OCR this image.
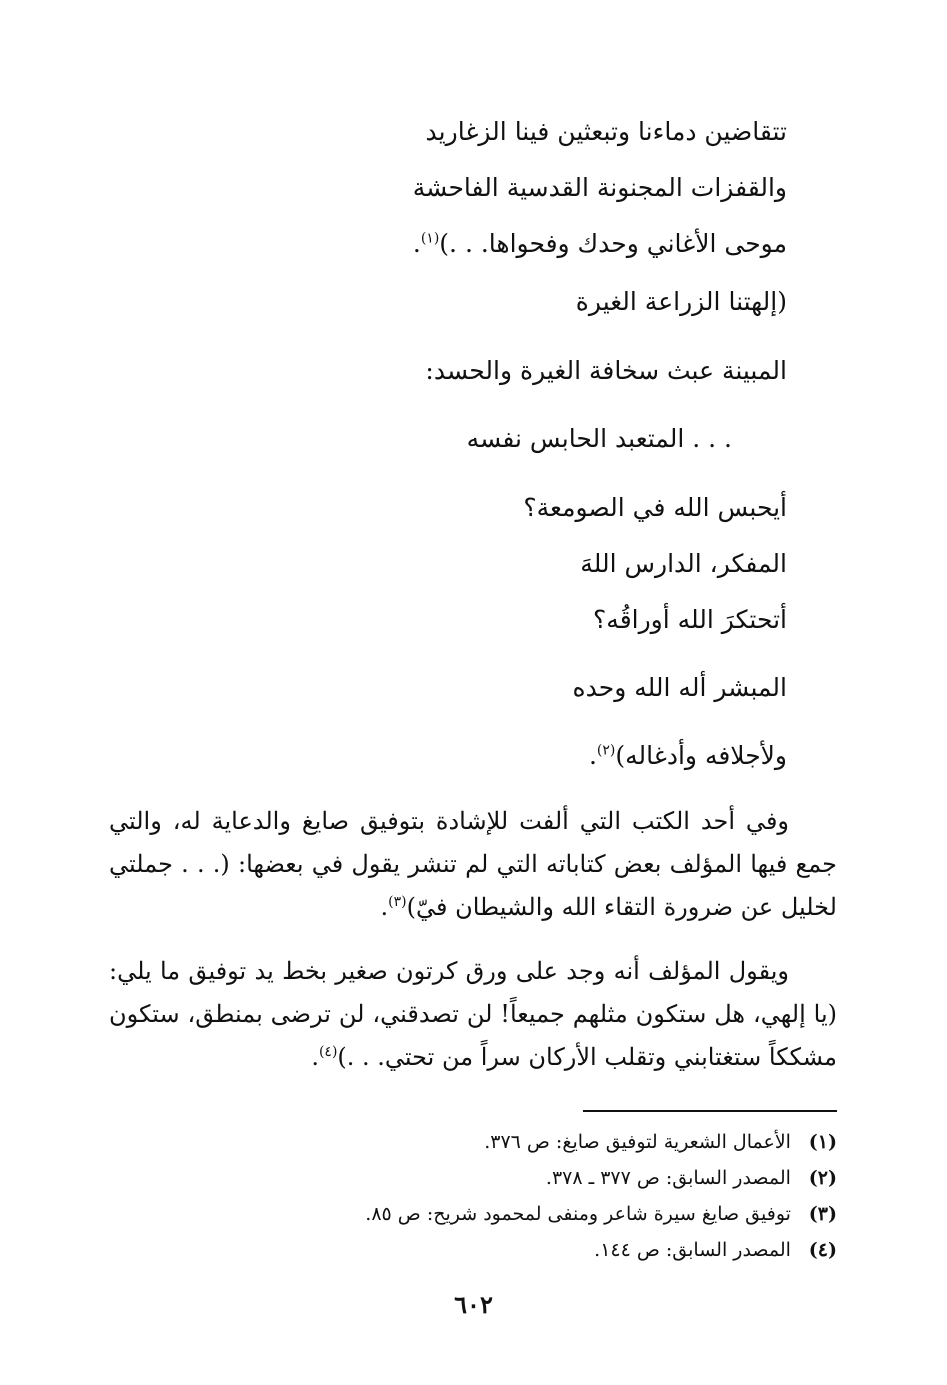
تتقاضين دماءنا وتبعثين فينا الزغاريد
والقفزات المجنونة القدسية الفاحشة
موحى الأغاني وحدك وفحواها. . .)$^{(١)}$.
(إلهتنا الزراعة الغيرة
المبينة عبث سخافة الغيرة والحسد:
. . . المتعبد الحابس نفسه
أيحبس الله في الصومعة؟
المفكر، الدارس اللهَ
أتحتكرَ الله أوراقُه؟
المبشر أله الله وحده
ولأجلافه وأدغاله)$^{(٢)}$.

وفي أحد الكتب التي ألفت للإشادة بتوفيق صايغ والدعاية له، والتي جمع فيها المؤلف بعض كتاباته التي لم تنشر يقول في بعضها: (. . . جملتي لخليل عن ضرورة التقاء الله والشيطان فيّ)$^{(٣)}$.

ويقول المؤلف أنه وجد على ورق كرتون صغير بخط يد توفيق ما يلي: (يا إلهي، هل ستكون مثلهم جميعاً! لن تصدقني، لن ترضى بمنطق، ستكون مشككاً ستغتابني وتقلب الأركان سراً من تحتي. . .)$^{(٤)}$.

(١) الأعمال الشعرية لتوفيق صايغ: ص ٣٧٦.
(٢) المصدر السابق: ص ٣٧٧ ـ ٣٧٨.
(٣) توفيق صايغ سيرة شاعر ومنفى لمحمود شريح: ص ٨٥.
(٤) المصدر السابق: ص ١٤٤.
٦٠٢
